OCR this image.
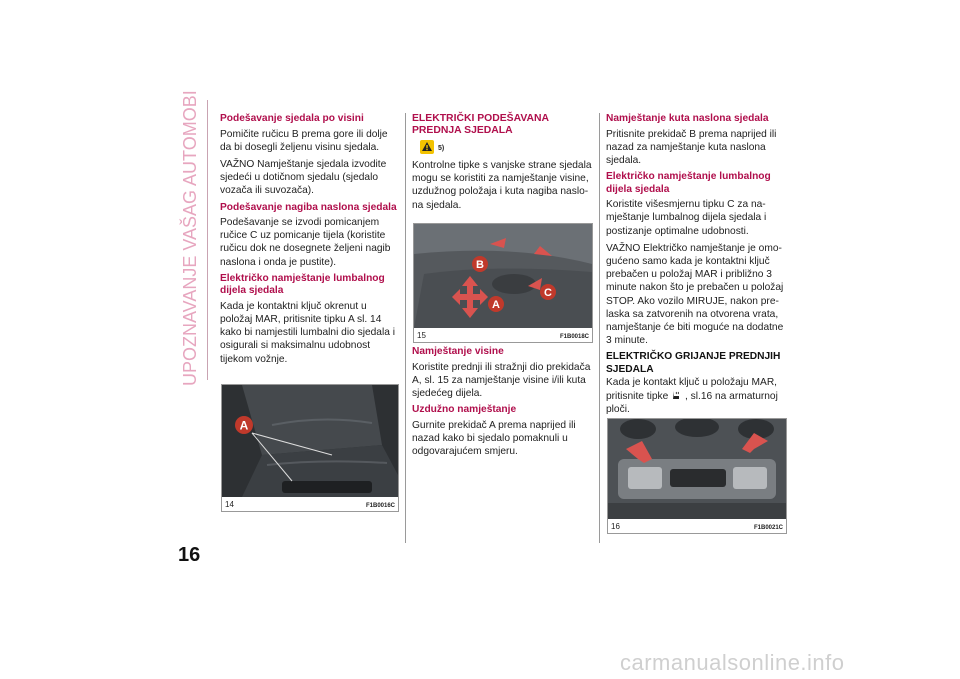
UPOZNAVANJE VAŠAG AUTOMOBILA
16
Podešavanje sjedala po visini

Pomičite ručicu B prema gore ili dolje da bi dosegli željenu visinu sjedala.

VAŽNO Namještanje sjedala izvodite sjedeći u dotičnom sjedalu (sjedalo vozača ili suvozača).

Podešavanje nagiba naslona sjedala

Podešavanje se izvodi pomicanjem ručice C uz pomicanje tijela (koristite ručicu dok ne dosegnete željeni nagib naslona i onda je pustite).

Električko namještanje lumbalnog dijela sjedala

Kada je kontaktni ključ okrenut u položaj MAR, pritisnite tipku A sl. 14 kako bi namjestili lumbalni dio sjedala i osigurali si maksimalnu udobnost tijekom vožnje.

A
14	F1B0016C
ELEKTRIČKI PODEŠAVANA PREDNJA SJEDALA
5)

Kontrolne tipke s vanjske strane sjedala mogu se koristiti za namještanje visine, uzdužnog položaja i kuta nagiba naslo-na sjedala.

B
A
C
15	F1B0018C
Namještanje visine

Koristite prednji ili stražnji dio prekidača A, sl. 15 za namještanje visine i/ili kuta sjedećeg dijela.

Uzdužno namještanje

Gurnite prekidač A prema naprijed ili nazad kako bi sjedalo pomaknuli u odgovarajućem smjeru.

Namještanje kuta naslona sjedala

Pritisnite prekidač B prema naprijed ili nazad za namještanje kuta naslona sjedala.

Električko namještanje lumbalnog dijela sjedala

Koristite višesmjernu tipku C za na-mještanje lumbalnog dijela sjedala i postizanje optimalne udobnosti.

VAŽNO Električko namještanje je omo-gućeno samo kada je kontaktni ključ prebačen u položaj MAR i približno 3 minute nakon što je prebačen u položaj STOP. Ako vozilo MIRUJE, nakon pre-laska sa zatvorenih na otvorena vrata, namještanje će biti moguće na dodatne 3 minute.

ELEKTRIČKO GRIJANJE PREDNJIH SJEDALA

Kada je kontakt ključ u položaju MAR, pritisnite tipke , sl.16 na armaturnoj ploči.

16	F1B0021C
carmanualsonline.info
